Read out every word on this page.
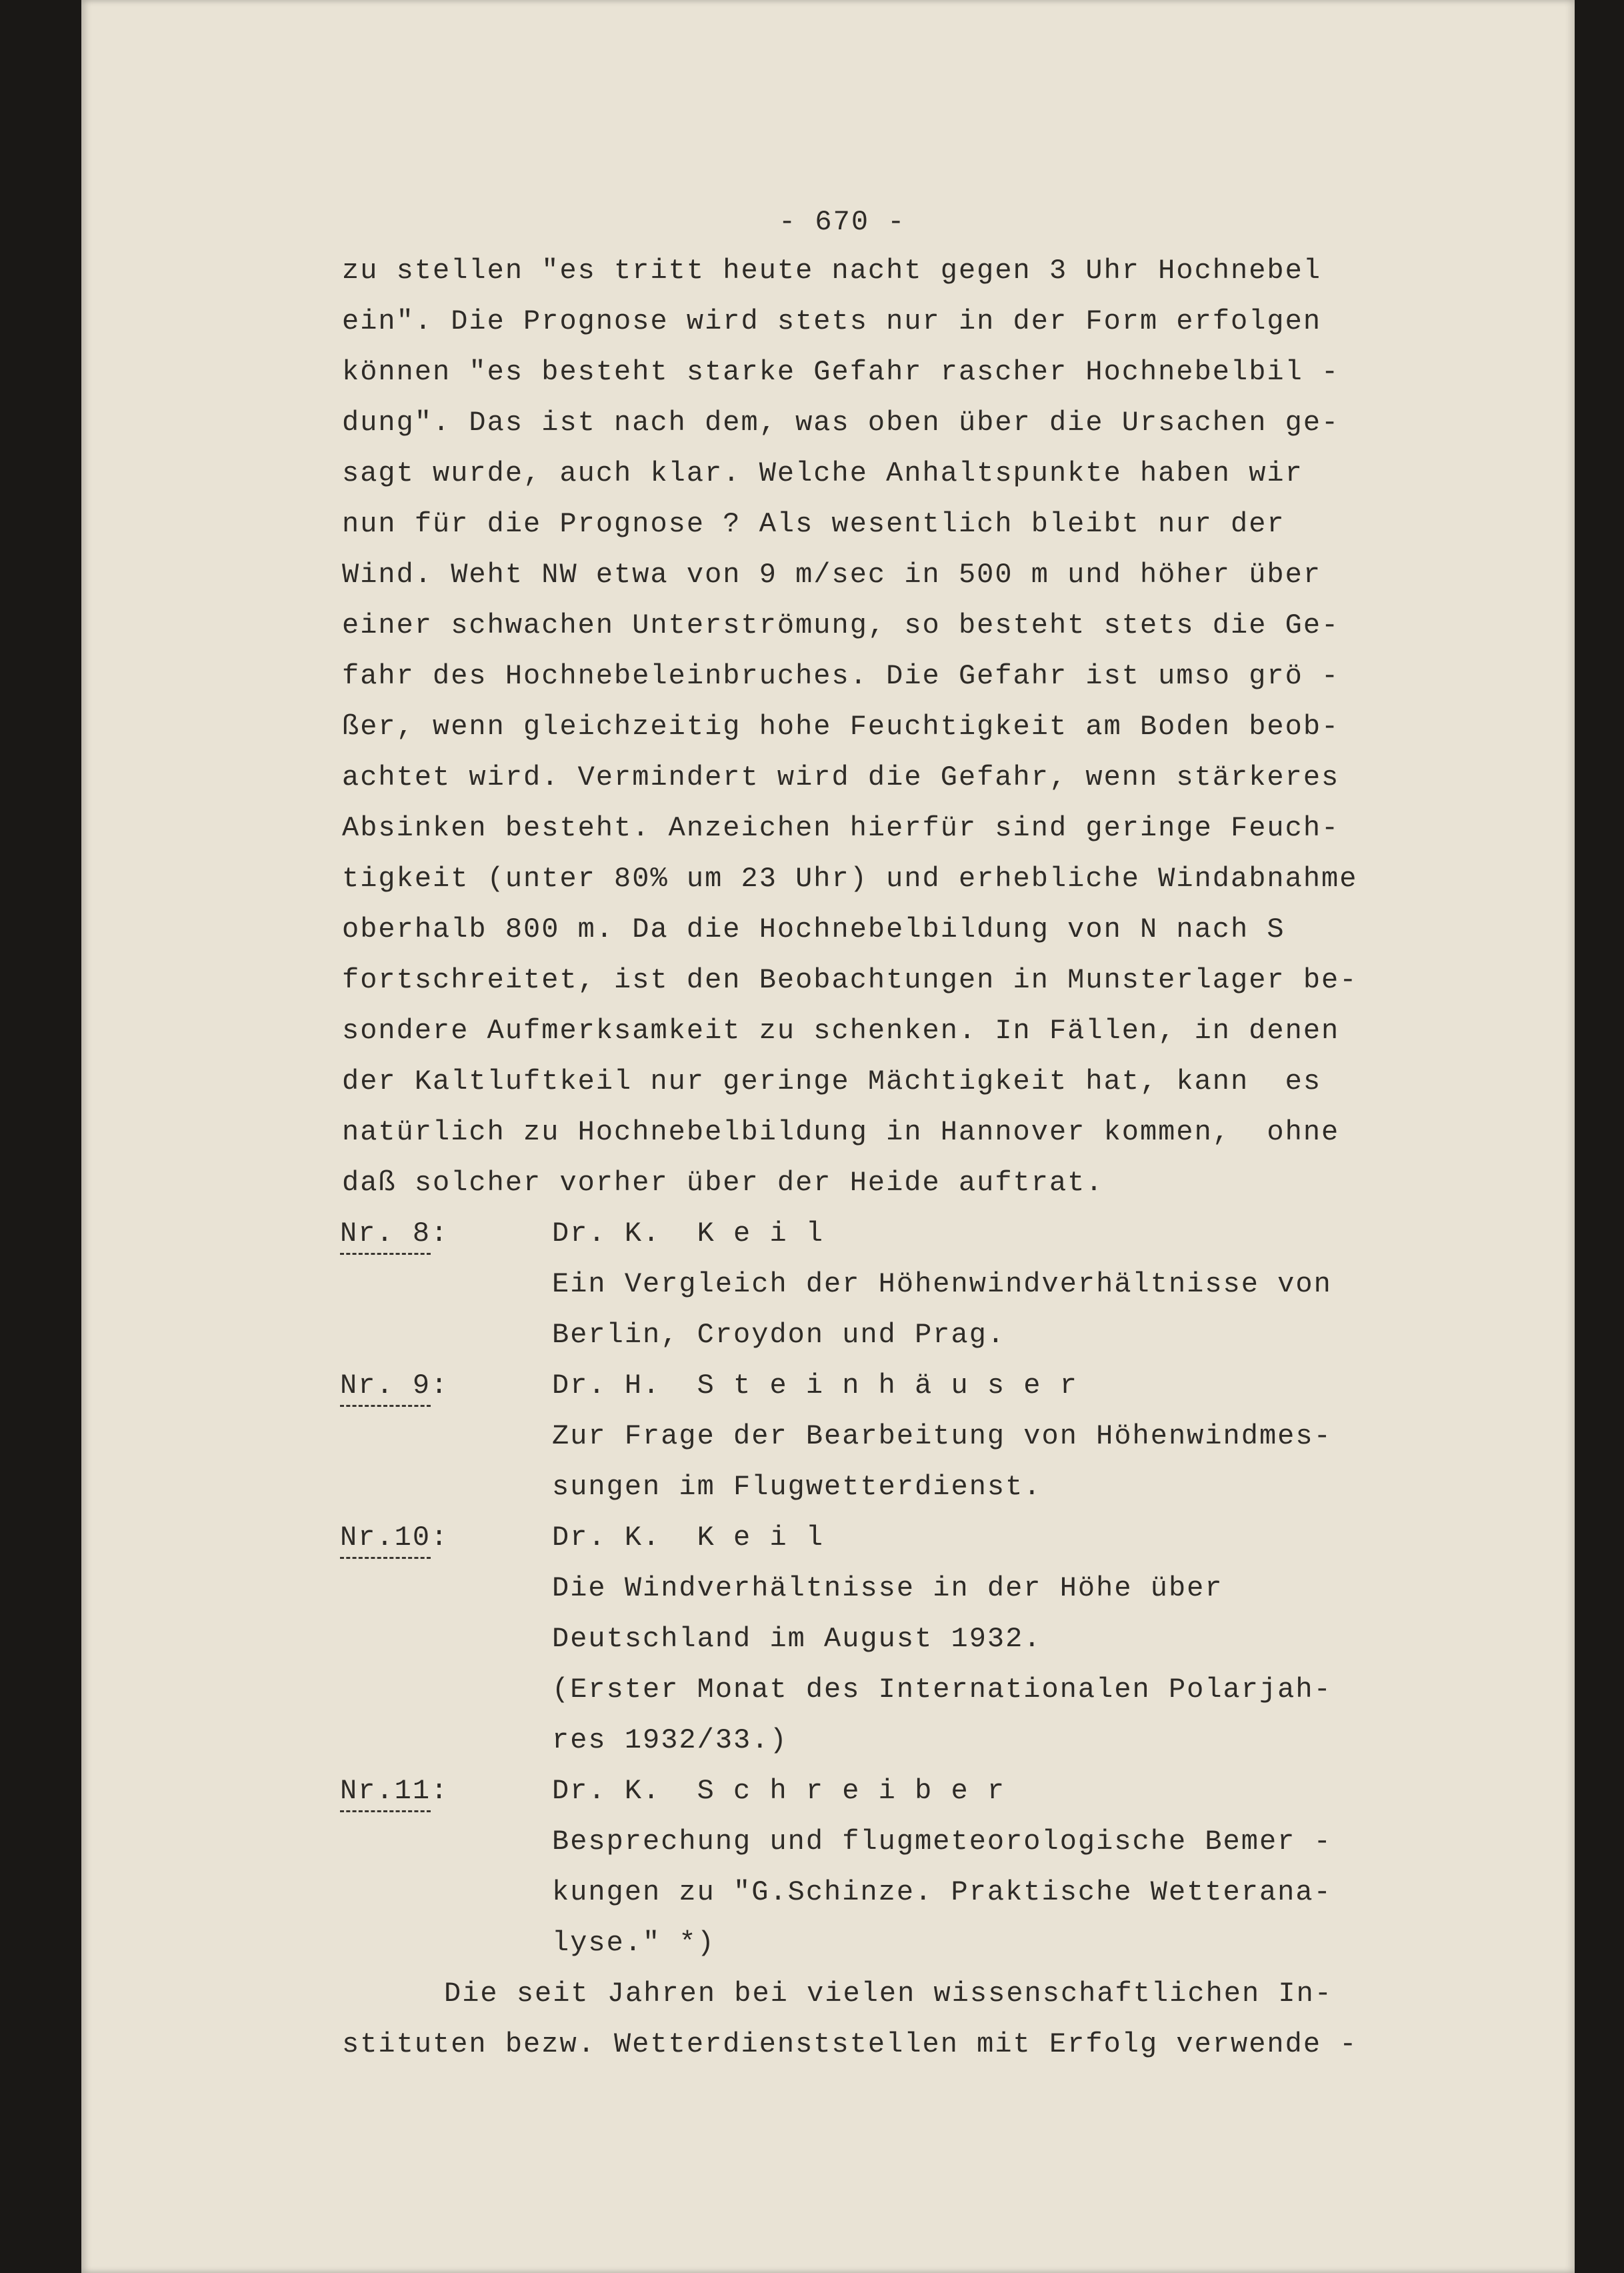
- 670 -
zu stellen "es tritt heute nacht gegen 3 Uhr Hochnebel
ein". Die Prognose wird stets nur in der Form erfolgen
können "es besteht starke Gefahr rascher Hochnebelbil -
dung". Das ist nach dem, was oben über die Ursachen ge-
sagt wurde, auch klar. Welche Anhaltspunkte haben wir
nun für die Prognose ? Als wesentlich bleibt nur der
Wind. Weht NW etwa von 9 m/sec in 500 m und höher über
einer schwachen Unterströmung, so besteht stets die Ge-
fahr des Hochnebeleinbruches. Die Gefahr ist umso grö -
ßer, wenn gleichzeitig hohe Feuchtigkeit am Boden beob-
achtet wird. Vermindert wird die Gefahr, wenn stärkeres
Absinken besteht. Anzeichen hierfür sind geringe Feuch-
tigkeit (unter 80% um 23 Uhr) und erhebliche Windabnahme
oberhalb 800 m. Da die Hochnebelbildung von N nach S
fortschreitet, ist den Beobachtungen in Munsterlager be-
sondere Aufmerksamkeit zu schenken. In Fällen, in denen
der Kaltluftkeil nur geringe Mächtigkeit hat, kann  es
natürlich zu Hochnebelbildung in Hannover kommen,  ohne
daß solcher vorher über der Heide auftrat.
Nr. 8:	Dr. K.  K e i l
Ein Vergleich der Höhenwindverhältnisse von
Berlin, Croydon und Prag.
Nr. 9:	Dr. H.  S t e i n h ä u s e r
Zur Frage der Bearbeitung von Höhenwindmes-
sungen im Flugwetterdienst.
Nr.10:	Dr. K.  K e i l
Die Windverhältnisse in der Höhe über
Deutschland im August 1932.
(Erster Monat des Internationalen Polarjah-
res 1932/33.)
Nr.11:	Dr. K.  S c h r e i b e r
Besprechung und flugmeteorologische Bemer -
kungen zu "G.Schinze. Praktische Wetterana-
lyse." *)
Die seit Jahren bei vielen wissenschaftlichen In-
stituten bezw. Wetterdienststellen mit Erfolg verwende -
